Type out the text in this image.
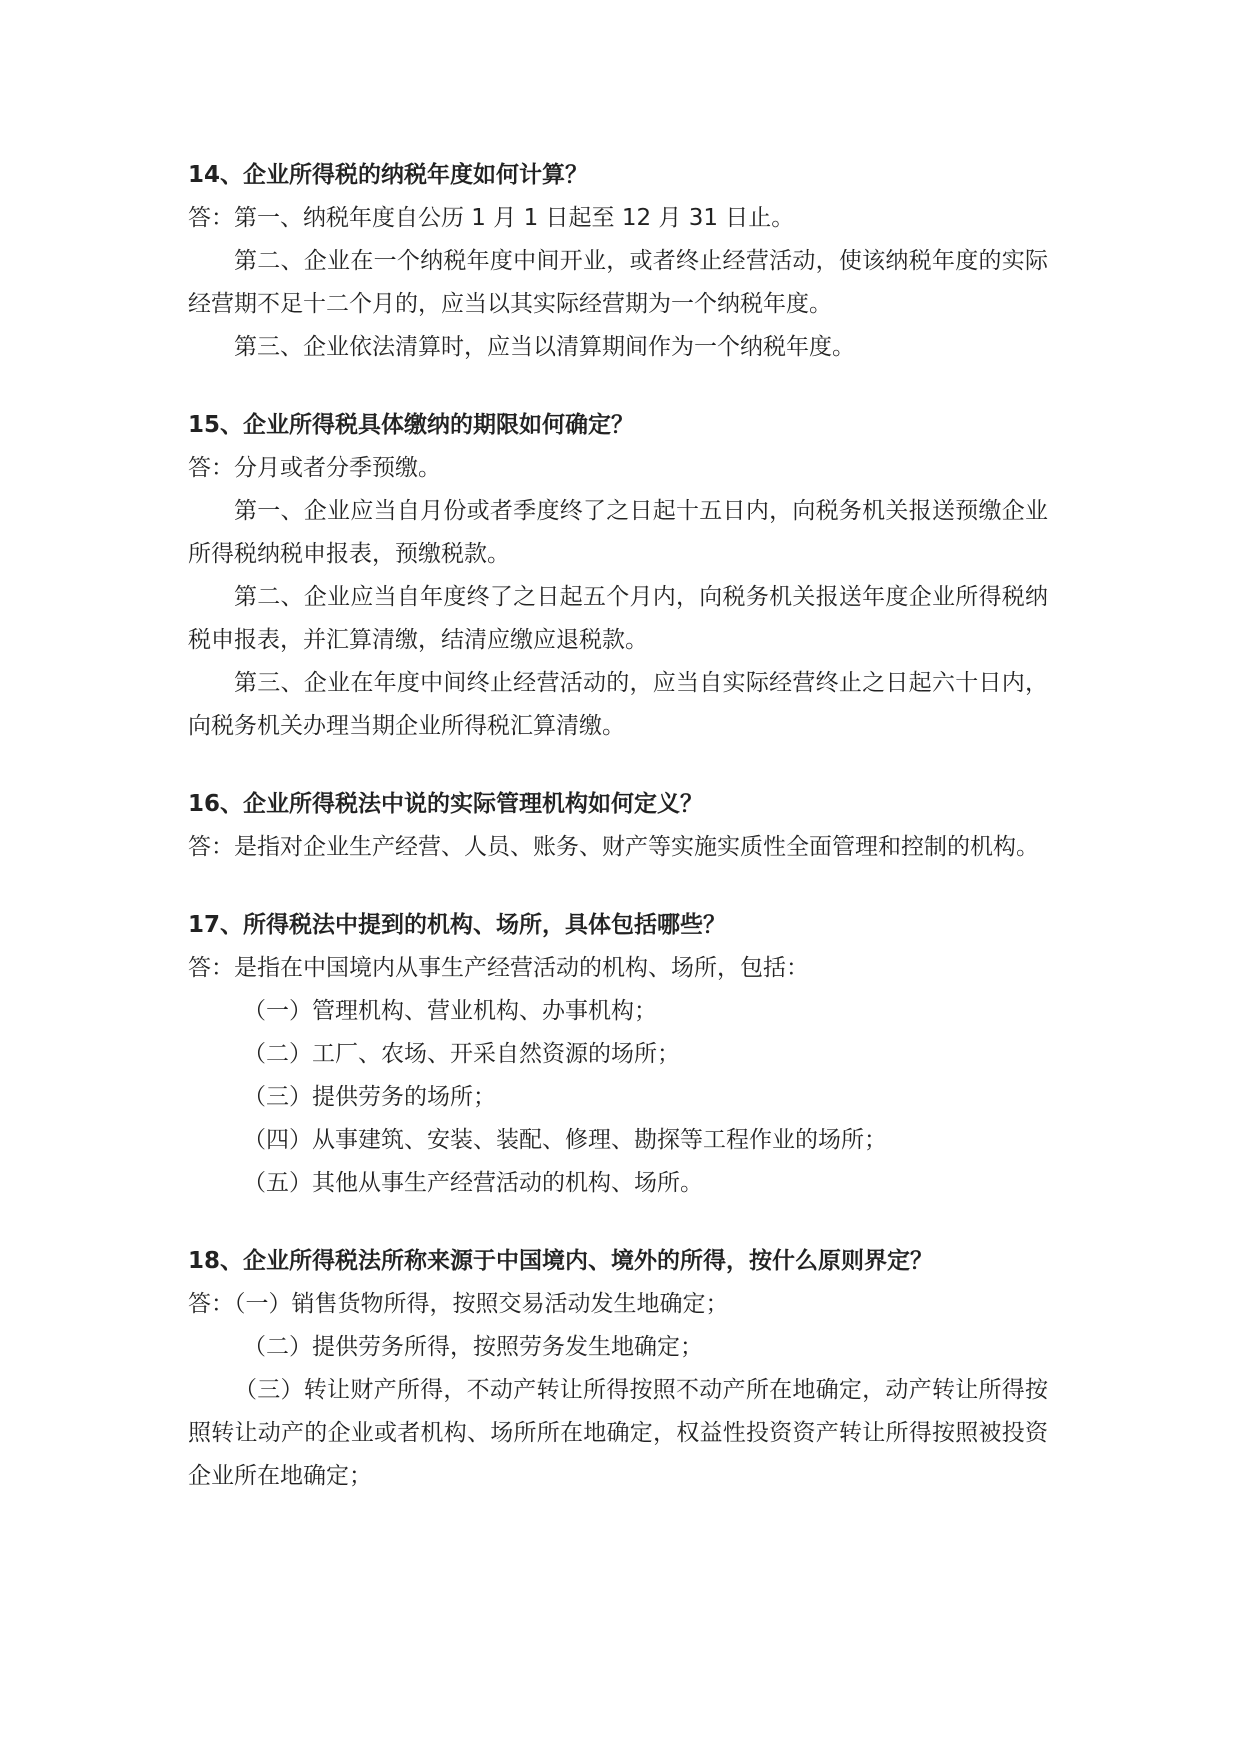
14、企业所得税的纳税年度如何计算？

答：第一、纳税年度自公历 1 月 1 日起至 12 月 31 日止。

第二、企业在一个纳税年度中间开业，或者终止经营活动，使该纳税年度的实际经营期不足十二个月的，应当以其实际经营期为一个纳税年度。

第三、企业依法清算时，应当以清算期间作为一个纳税年度。

15、企业所得税具体缴纳的期限如何确定？

答：分月或者分季预缴。

第一、企业应当自月份或者季度终了之日起十五日内，向税务机关报送预缴企业所得税纳税申报表，预缴税款。

第二、企业应当自年度终了之日起五个月内，向税务机关报送年度企业所得税纳税申报表，并汇算清缴，结清应缴应退税款。

第三、企业在年度中间终止经营活动的，应当自实际经营终止之日起六十日内，向税务机关办理当期企业所得税汇算清缴。

16、企业所得税法中说的实际管理机构如何定义？

答：是指对企业生产经营、人员、账务、财产等实施实质性全面管理和控制的机构。

17、所得税法中提到的机构、场所，具体包括哪些？

答：是指在中国境内从事生产经营活动的机构、场所，包括：

（一）管理机构、营业机构、办事机构；

（二）工厂、农场、开采自然资源的场所；

（三）提供劳务的场所；

（四）从事建筑、安装、装配、修理、勘探等工程作业的场所；

（五）其他从事生产经营活动的机构、场所。

18、企业所得税法所称来源于中国境内、境外的所得，按什么原则界定？

答：（一）销售货物所得，按照交易活动发生地确定；

（二）提供劳务所得，按照劳务发生地确定；

（三）转让财产所得，不动产转让所得按照不动产所在地确定，动产转让所得按照转让动产的企业或者机构、场所所在地确定，权益性投资资产转让所得按照被投资企业所在地确定；
